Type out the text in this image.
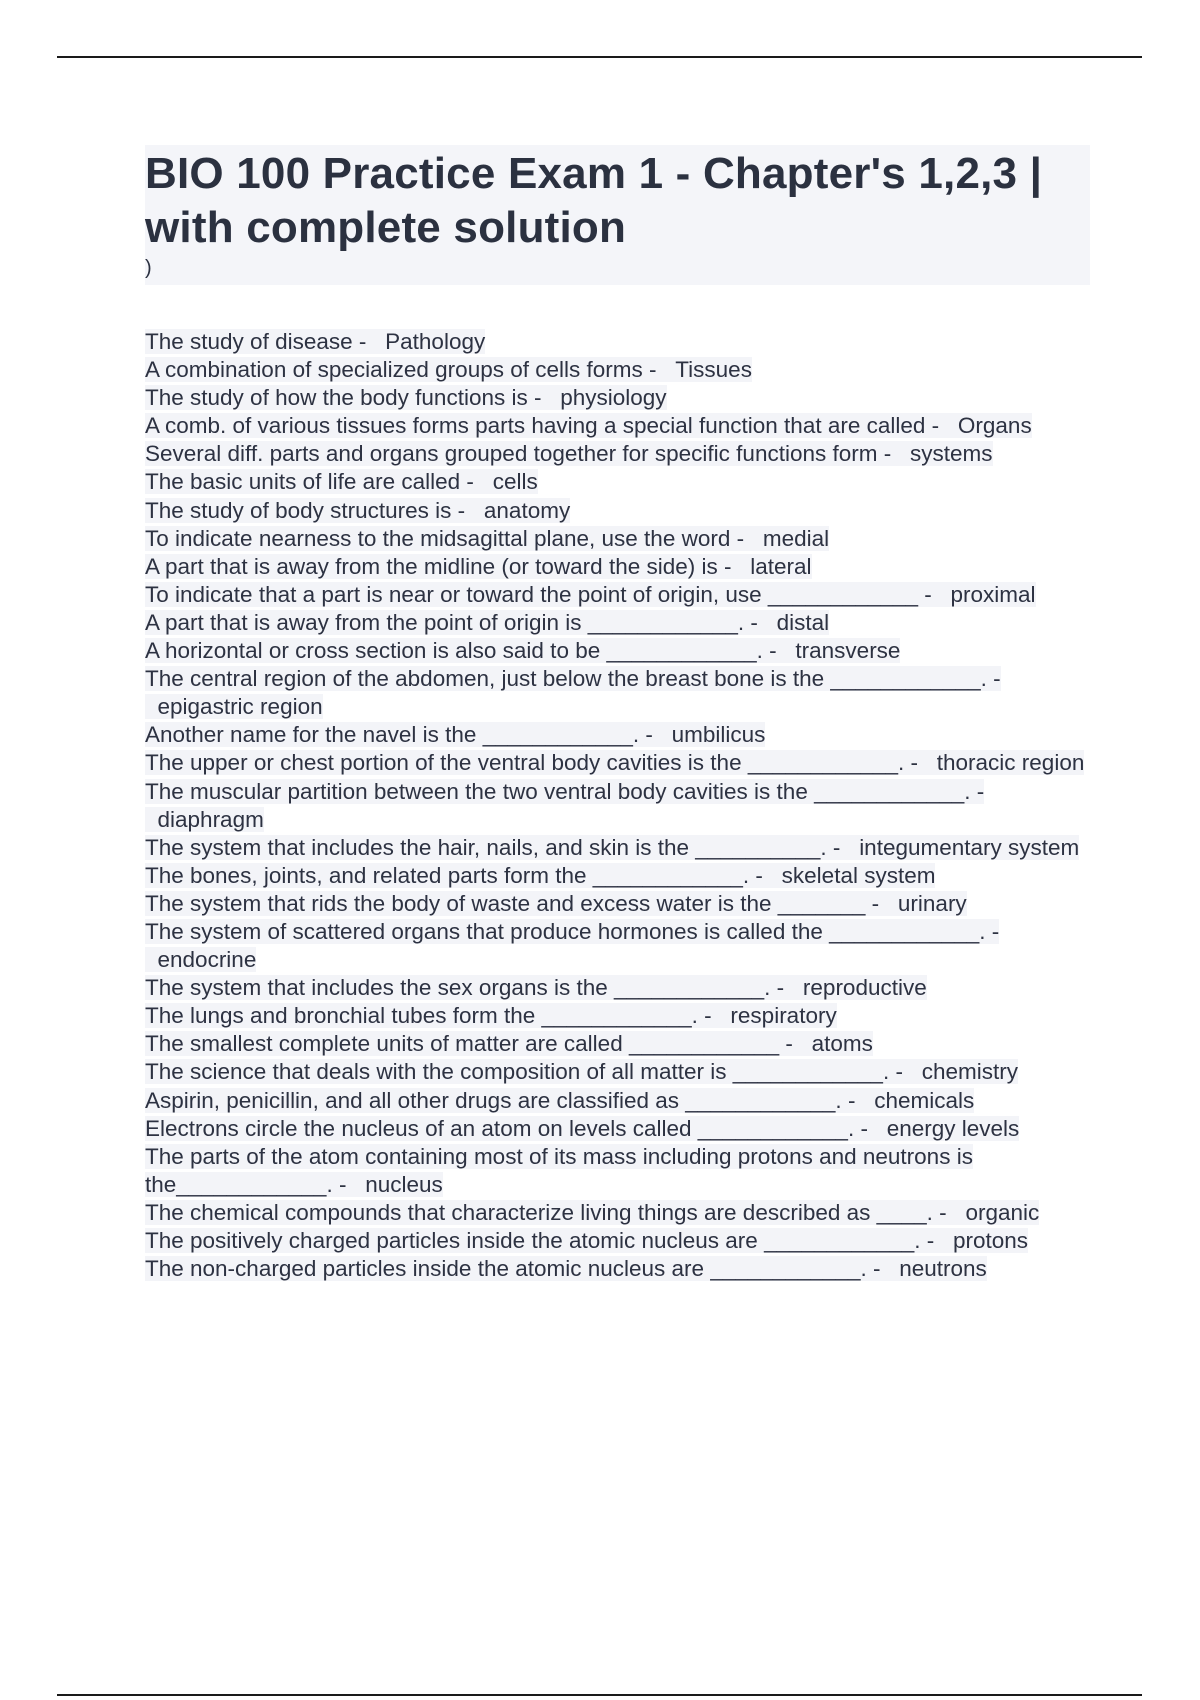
BIO 100 Practice Exam 1 - Chapter's 1,2,3 | with complete solution
)
The study of disease -   Pathology
A combination of specialized groups of cells forms -   Tissues
The study of how the body functions is -   physiology
A comb. of various tissues forms parts having a special function that are called -   Organs
Several diff. parts and organs grouped together for specific functions form -   systems
The basic units of life are called -   cells
The study of body structures is -   anatomy
To indicate nearness to the midsagittal plane, use the word -   medial
A part that is away from the midline (or toward the side) is -   lateral
To indicate that a part is near or toward the point of origin, use ____________ -   proximal
A part that is away from the point of origin is ____________. -   distal
A horizontal or cross section is also said to be ____________. -   transverse
The central region of the abdomen, just below the breast bone is the ____________. -   epigastric region
Another name for the navel is the ____________. -   umbilicus
The upper or chest portion of the ventral body cavities is the ____________. -   thoracic region
The muscular partition between the two ventral body cavities is the ____________. -   diaphragm
The system that includes the hair, nails, and skin is the __________. -   integumentary system
The bones, joints, and related parts form the ____________. -   skeletal system
The system that rids the body of waste and excess water is the _______ -   urinary
The system of scattered organs that produce hormones is called the ____________. -   endocrine
The system that includes the sex organs is the ____________. -   reproductive
The lungs and bronchial tubes form the ____________. -   respiratory
The smallest complete units of matter are called ____________ -   atoms
The science that deals with the composition of all matter is ____________. -   chemistry
Aspirin, penicillin, and all other drugs are classified as ____________. -   chemicals
Electrons circle the nucleus of an atom on levels called ____________. -   energy levels
The parts of the atom containing most of its mass including protons and neutrons is the____________. -   nucleus
The chemical compounds that characterize living things are described as ____. -   organic
The positively charged particles inside the atomic nucleus are ____________. -   protons
The non-charged particles inside the atomic nucleus are ____________. -   neutrons
